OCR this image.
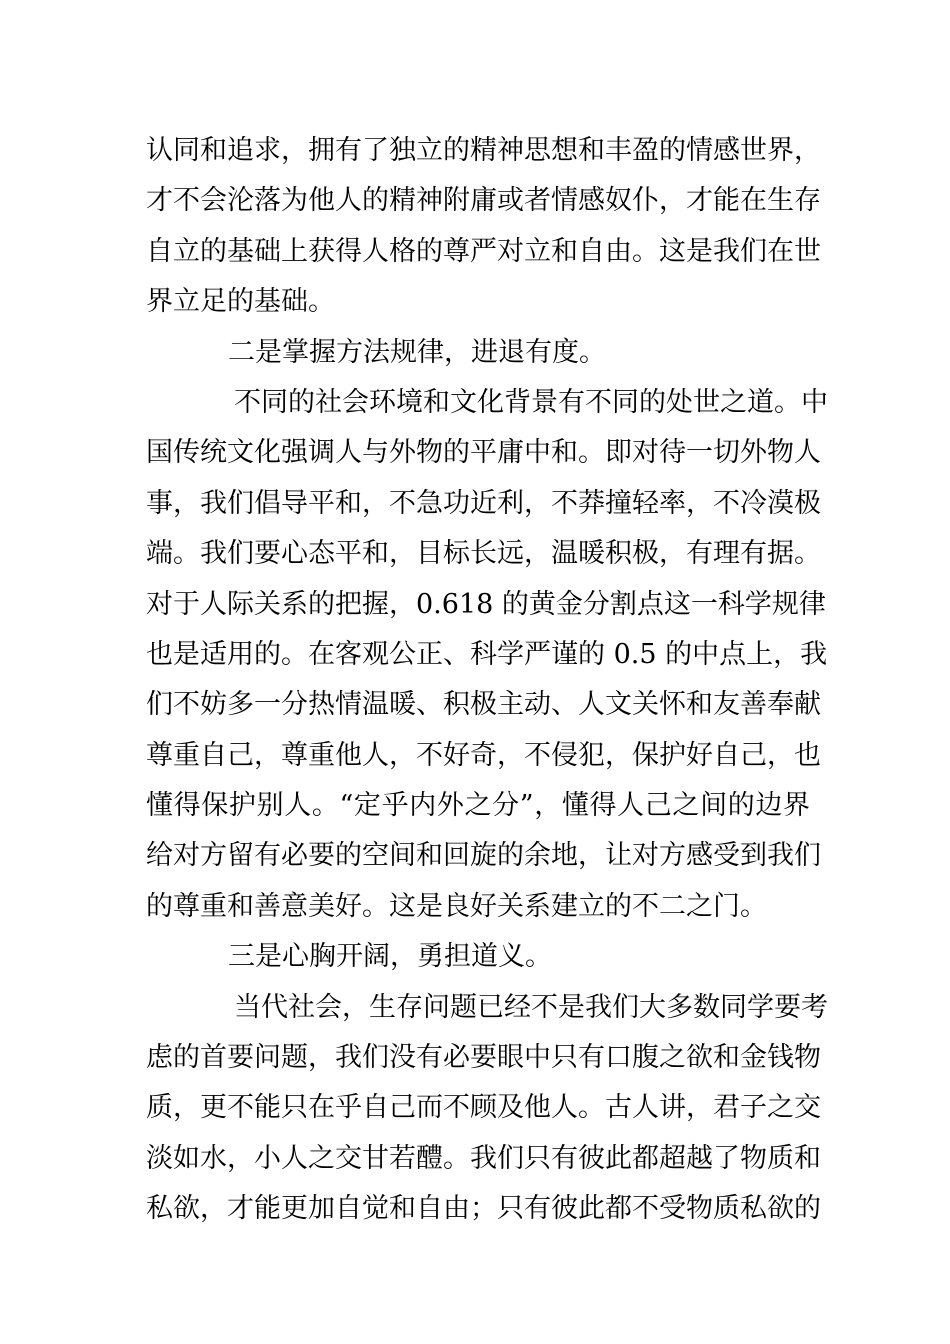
认同和追求，拥有了独立的精神思想和丰盈的情感世界，
才不会沦落为他人的精神附庸或者情感奴仆，才能在生存
自立的基础上获得人格的尊严对立和自由。这是我们在世
界立足的基础。
二是掌握方法规律，进退有度。
不同的社会环境和文化背景有不同的处世之道。中
国传统文化强调人与外物的平庸中和。即对待一切外物人
事，我们倡导平和，不急功近利，不莽撞轻率，不冷漠极
端。我们要心态平和，目标长远，温暖积极，有理有据。
对于人际关系的把握，0.618 的黄金分割点这一科学规律
也是适用的。在客观公正、科学严谨的 0.5 的中点上，我
们不妨多一分热情温暖、积极主动、人文关怀和友善奉献
尊重自己，尊重他人，不好奇，不侵犯，保护好自己，也
懂得保护别人。“定乎内外之分”，懂得人己之间的边界
给对方留有必要的空间和回旋的余地，让对方感受到我们
的尊重和善意美好。这是良好关系建立的不二之门。
三是心胸开阔，勇担道义。
当代社会，生存问题已经不是我们大多数同学要考
虑的首要问题，我们没有必要眼中只有口腹之欲和金钱物
质，更不能只在乎自己而不顾及他人。古人讲，君子之交
淡如水，小人之交甘若醴。我们只有彼此都超越了物质和
私欲，才能更加自觉和自由；只有彼此都不受物质私欲的
